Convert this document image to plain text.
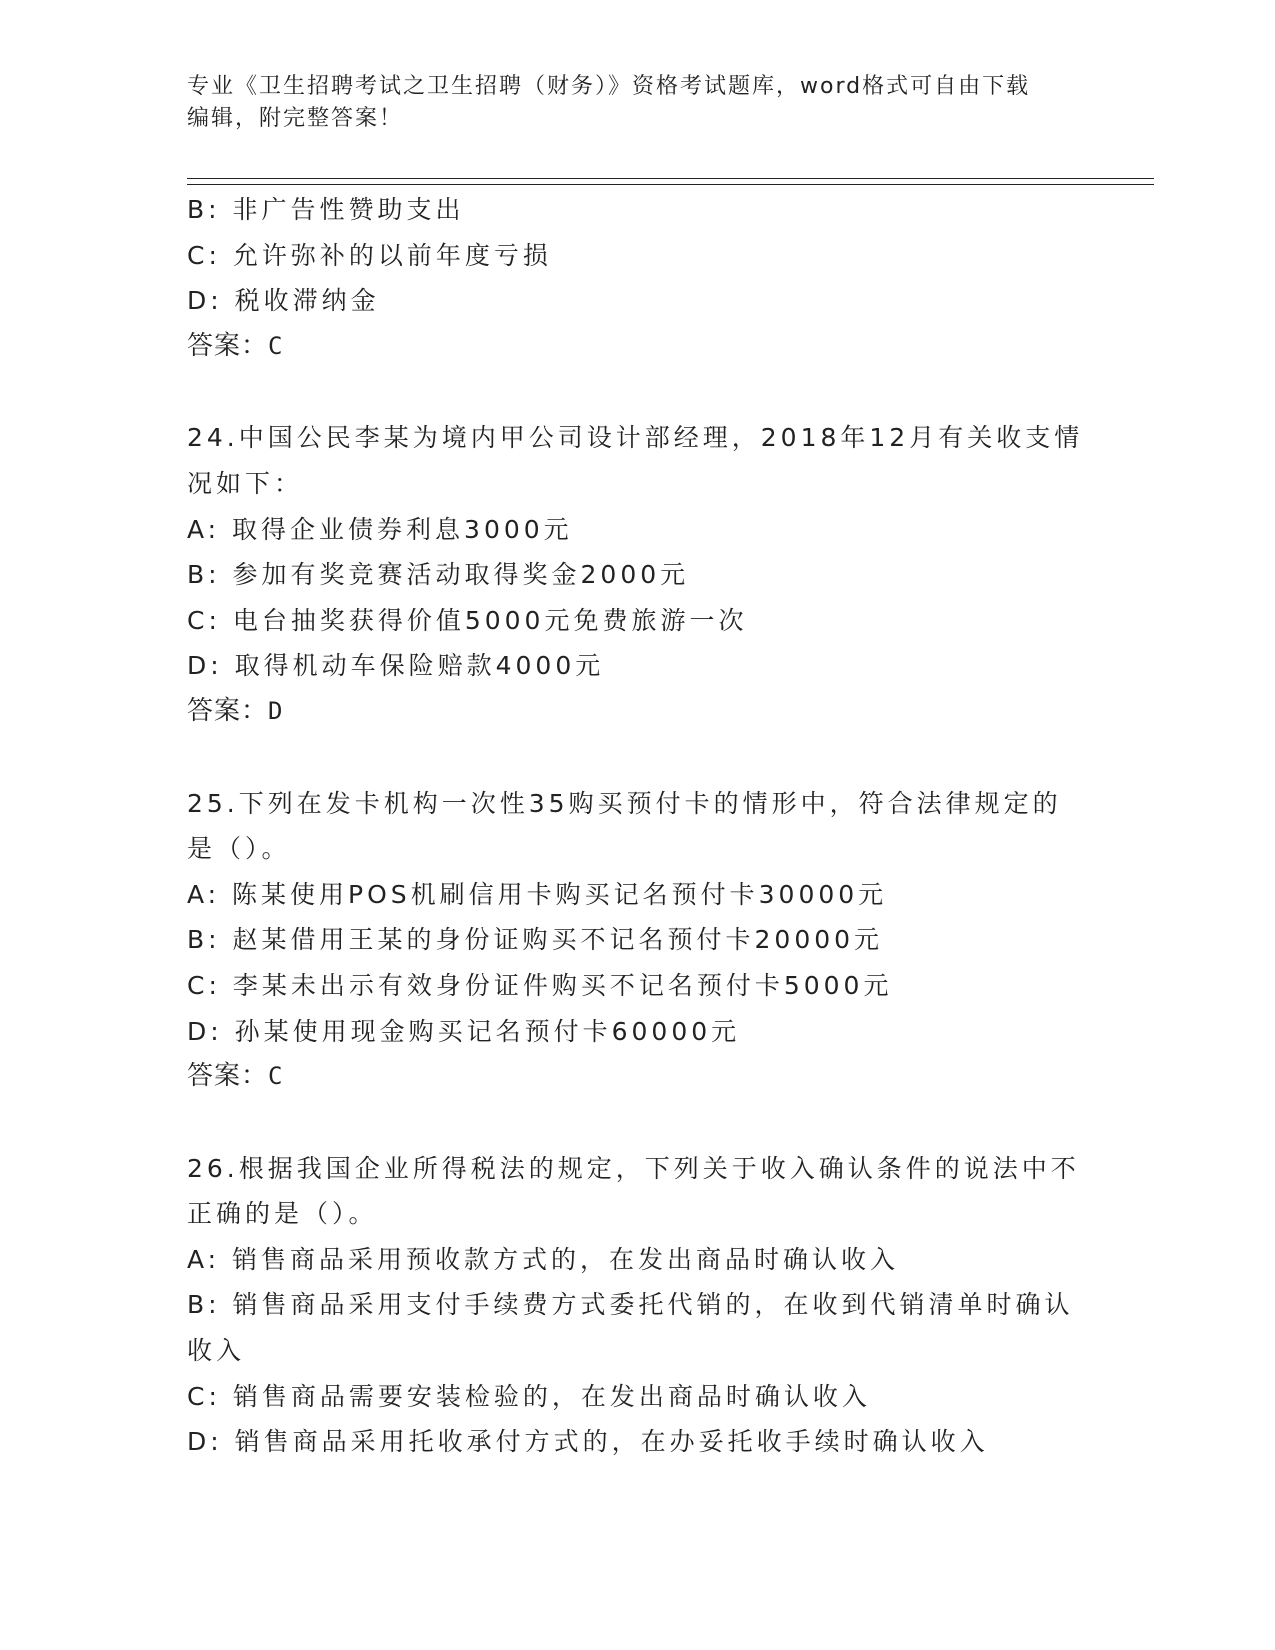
专业《卫生招聘考试之卫生招聘（财务）》资格考试题库，word格式可自由下载
编辑，附完整答案！
B: 非广告性赞助支出
C: 允许弥补的以前年度亏损
D: 税收滞纳金
答案：C
24.中国公民李某为境内甲公司设计部经理，2018年12月有关收支情
况如下：
A: 取得企业债券利息3000元
B: 参加有奖竞赛活动取得奖金2000元
C: 电台抽奖获得价值5000元免费旅游一次
D: 取得机动车保险赔款4000元
答案：D
25.下列在发卡机构一次性35购买预付卡的情形中，符合法律规定的
是（）。
A: 陈某使用POS机刷信用卡购买记名预付卡30000元
B: 赵某借用王某的身份证购买不记名预付卡20000元
C: 李某未出示有效身份证件购买不记名预付卡5000元
D: 孙某使用现金购买记名预付卡60000元
答案：C
26.根据我国企业所得税法的规定，下列关于收入确认条件的说法中不
正确的是（）。
A: 销售商品采用预收款方式的，在发出商品时确认收入
B: 销售商品采用支付手续费方式委托代销的，在收到代销清单时确认
收入
C: 销售商品需要安装检验的，在发出商品时确认收入
D: 销售商品采用托收承付方式的，在办妥托收手续时确认收入
